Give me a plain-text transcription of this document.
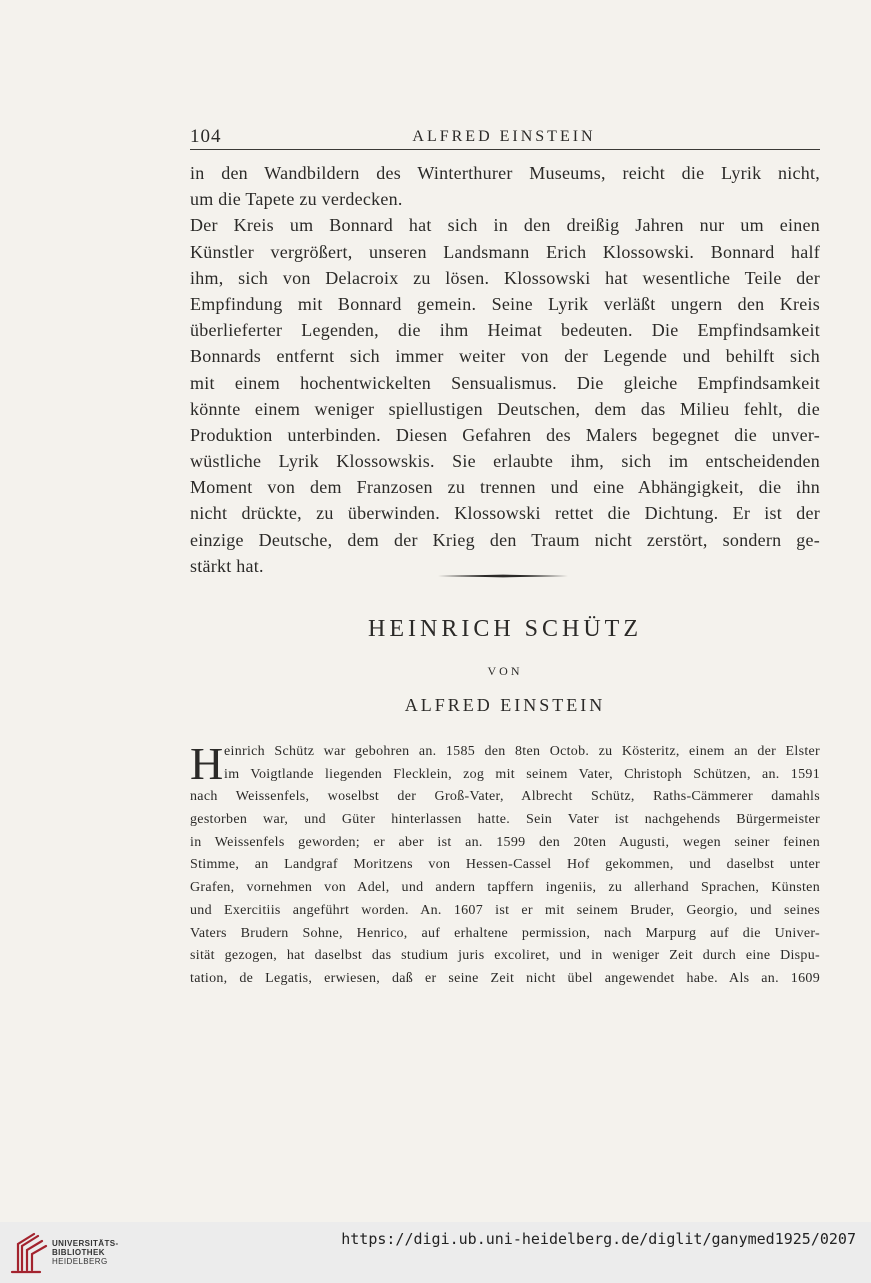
104	ALFRED EINSTEIN
in den Wandbildern des Winterthurer Museums, reicht die Lyrik nicht,
um die Tapete zu verdecken.
Der Kreis um Bonnard hat sich in den dreißig Jahren nur um einen
Künstler vergrößert, unseren Landsmann Erich Klossowski. Bonnard half
ihm, sich von Delacroix zu lösen. Klossowski hat wesentliche Teile der
Empfindung mit Bonnard gemein. Seine Lyrik verläßt ungern den Kreis
überlieferter Legenden, die ihm Heimat bedeuten. Die Empfindsamkeit
Bonnards entfernt sich immer weiter von der Legende und behilft sich
mit einem hochentwickelten Sensualismus. Die gleiche Empfindsamkeit
könnte einem weniger spiellustigen Deutschen, dem das Milieu fehlt, die
Produktion unterbinden. Diesen Gefahren des Malers begegnet die unver-
wüstliche Lyrik Klossowskis. Sie erlaubte ihm, sich im entscheidenden
Moment von dem Franzosen zu trennen und eine Abhängigkeit, die ihn
nicht drückte, zu überwinden. Klossowski rettet die Dichtung. Er ist der
einzige Deutsche, dem der Krieg den Traum nicht zerstört, sondern ge-
stärkt hat.
HEINRICH SCHÜTZ
VON
ALFRED EINSTEIN
H einrich Schütz war gebohren an. 1585 den 8ten Octob. zu Kösteritz, einem an der Elster
im Voigtlande liegenden Flecklein, zog mit seinem Vater, Christoph Schützen, an. 1591
nach Weissenfels, woselbst der Groß-Vater, Albrecht Schütz, Raths-Cämmerer damahls
gestorben war, und Güter hinterlassen hatte. Sein Vater ist nachgehends Bürgermeister
in Weissenfels geworden; er aber ist an. 1599 den 20ten Augusti, wegen seiner feinen
Stimme, an Landgraf Moritzens von Hessen-Cassel Hof gekommen, und daselbst unter
Grafen, vornehmen von Adel, und andern tapffern ingeniis, zu allerhand Sprachen, Künsten
und Exercitiis angeführt worden. An. 1607 ist er mit seinem Bruder, Georgio, und seines
Vaters Brudern Sohne, Henrico, auf erhaltene permission, nach Marpurg auf die Univer-
sität gezogen, hat daselbst das studium juris excoliret, und in weniger Zeit durch eine Dispu-
tation, de Legatis, erwiesen, daß er seine Zeit nicht übel angewendet habe. Als an. 1609
UNIVERSITÄTS-
BIBLIOTHEK
HEIDELBERG
https://digi.ub.uni-heidelberg.de/diglit/ganymed1925/0207
